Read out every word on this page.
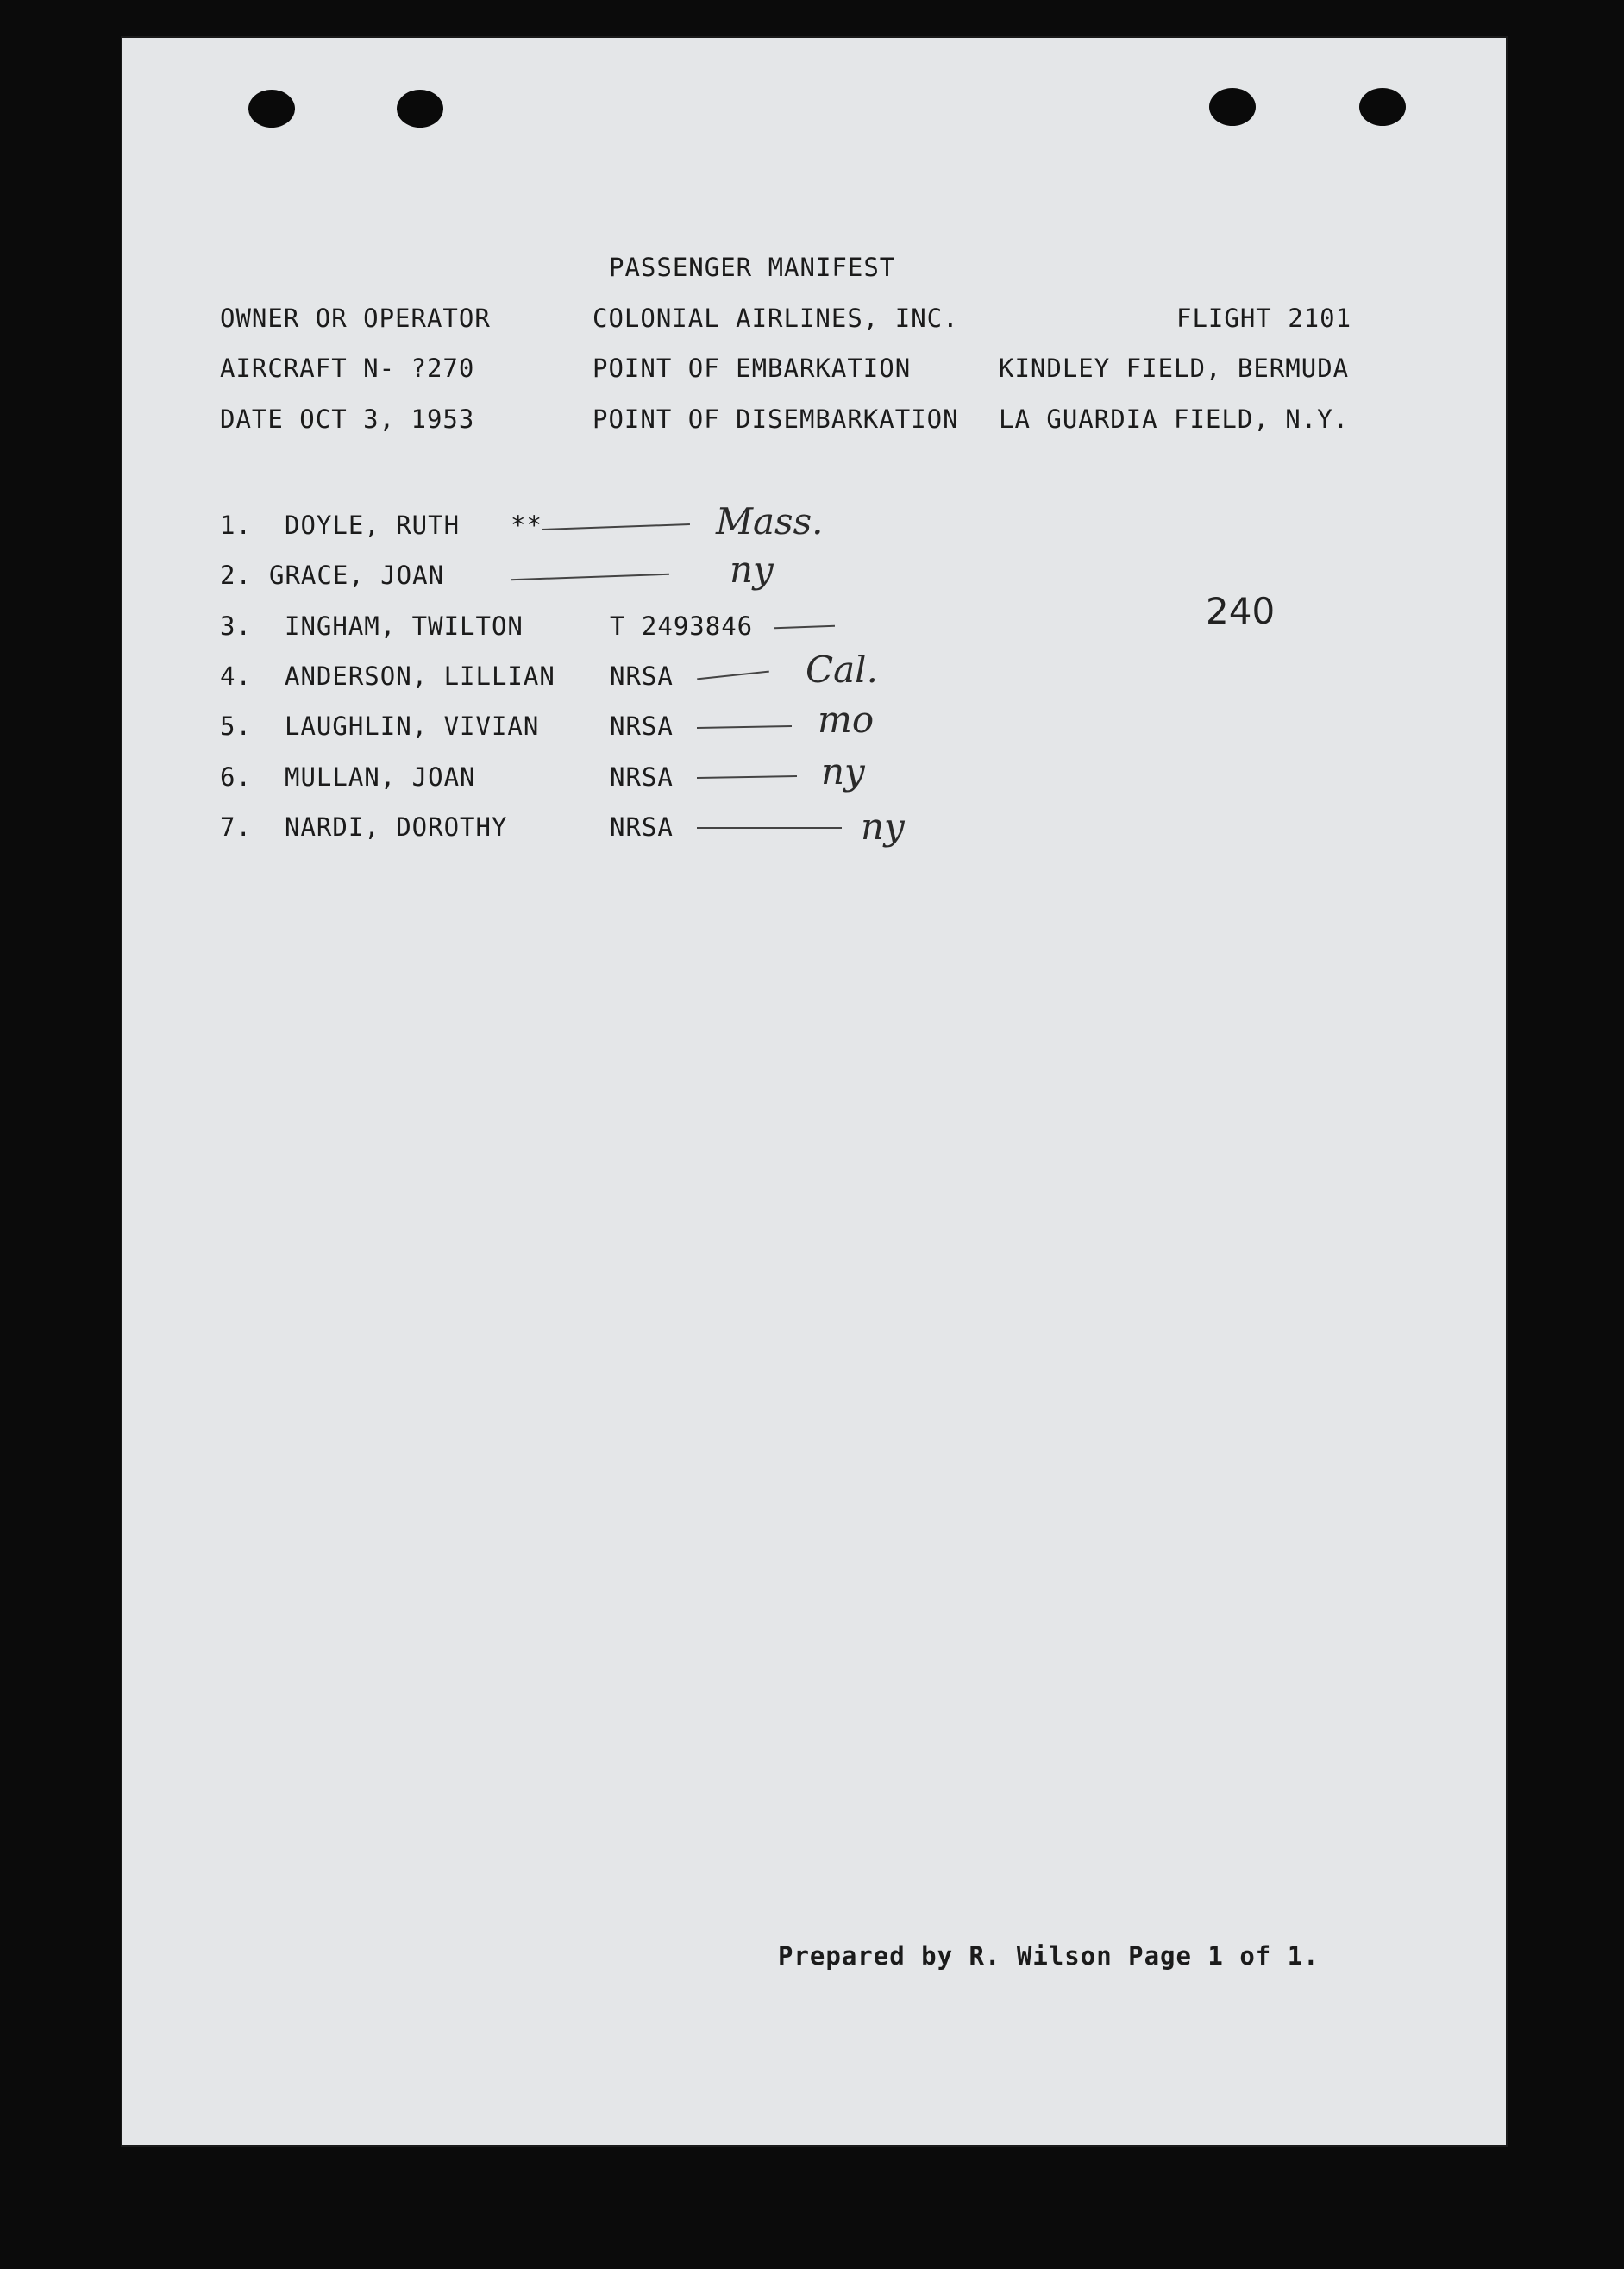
PASSENGER MANIFEST
OWNER OR OPERATOR	COLONIAL AIRLINES, INC.	FLIGHT 2101
AIRCRAFT N- ?270	POINT OF EMBARKATION	KINDLEY FIELD, BERMUDA
DATE OCT 3, 1953	POINT OF DISEMBARKATION LA GUARDIA FIELD, N.Y.
1. DOYLE, RUTH **	Mass.
2. GRACE, JOAN	ny
3. INGHAM, TWILTON	T 2493846
4. ANDERSON, LILLIAN NRSA	Cal.
5. LAUGHLIN, VIVIAN	NRSA	mo
6. MULLAN, JOAN	NRSA	ny
7. NARDI, DOROTHY	NRSA	ny
240
Prepared by R. Wilson Page 1 of 1.
